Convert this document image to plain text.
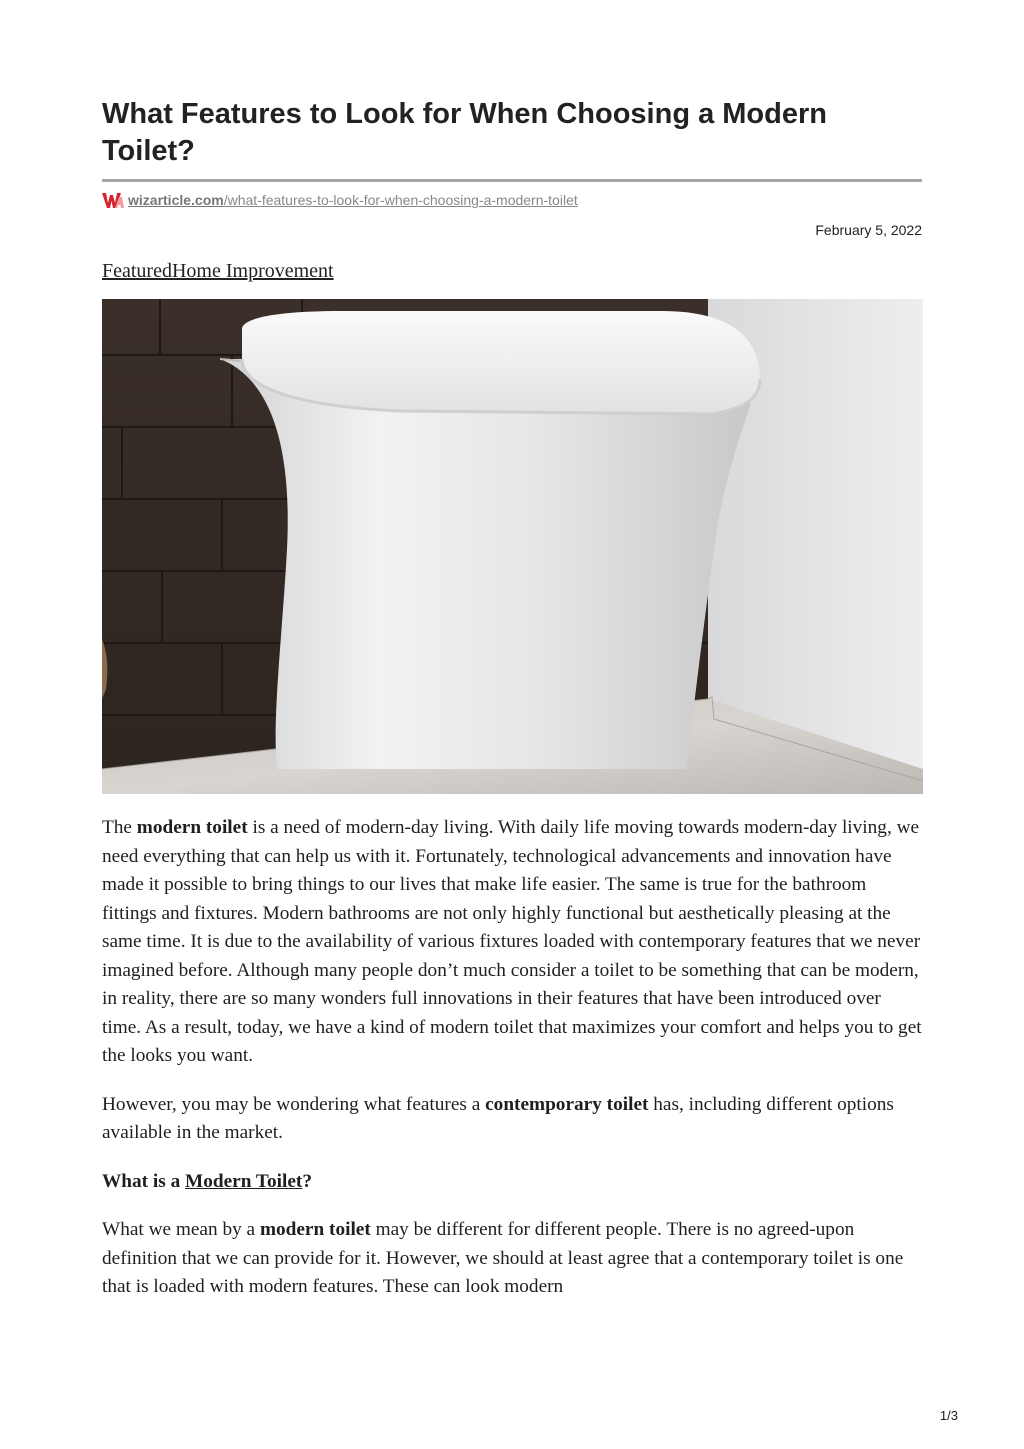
What Features to Look for When Choosing a Modern Toilet?
wizarticle.com /what-features-to-look-for-when-choosing-a-modern-toilet
February 5, 2022
FeaturedHome Improvement

The modern toilet is a need of modern-day living. With daily life moving towards modern-day living, we need everything that can help us with it. Fortunately, technological advancements and innovation have made it possible to bring things to our lives that make life easier. The same is true for the bathroom fittings and fixtures. Modern bathrooms are not only highly functional but aesthetically pleasing at the same time. It is due to the availability of various fixtures loaded with contemporary features that we never imagined before. Although many people don’t much consider a toilet to be something that can be modern, in reality, there are so many wonders full innovations in their features that have been introduced over time. As a result, today, we have a kind of modern toilet that maximizes your comfort and helps you to get the looks you want.

However, you may be wondering what features a contemporary toilet has, including different options available in the market.

What is a Modern Toilet?

What we mean by a modern toilet may be different for different people. There is no agreed-upon definition that we can provide for it. However, we should at least agree that a contemporary toilet is one that is loaded with modern features. These can look modern

1/3
